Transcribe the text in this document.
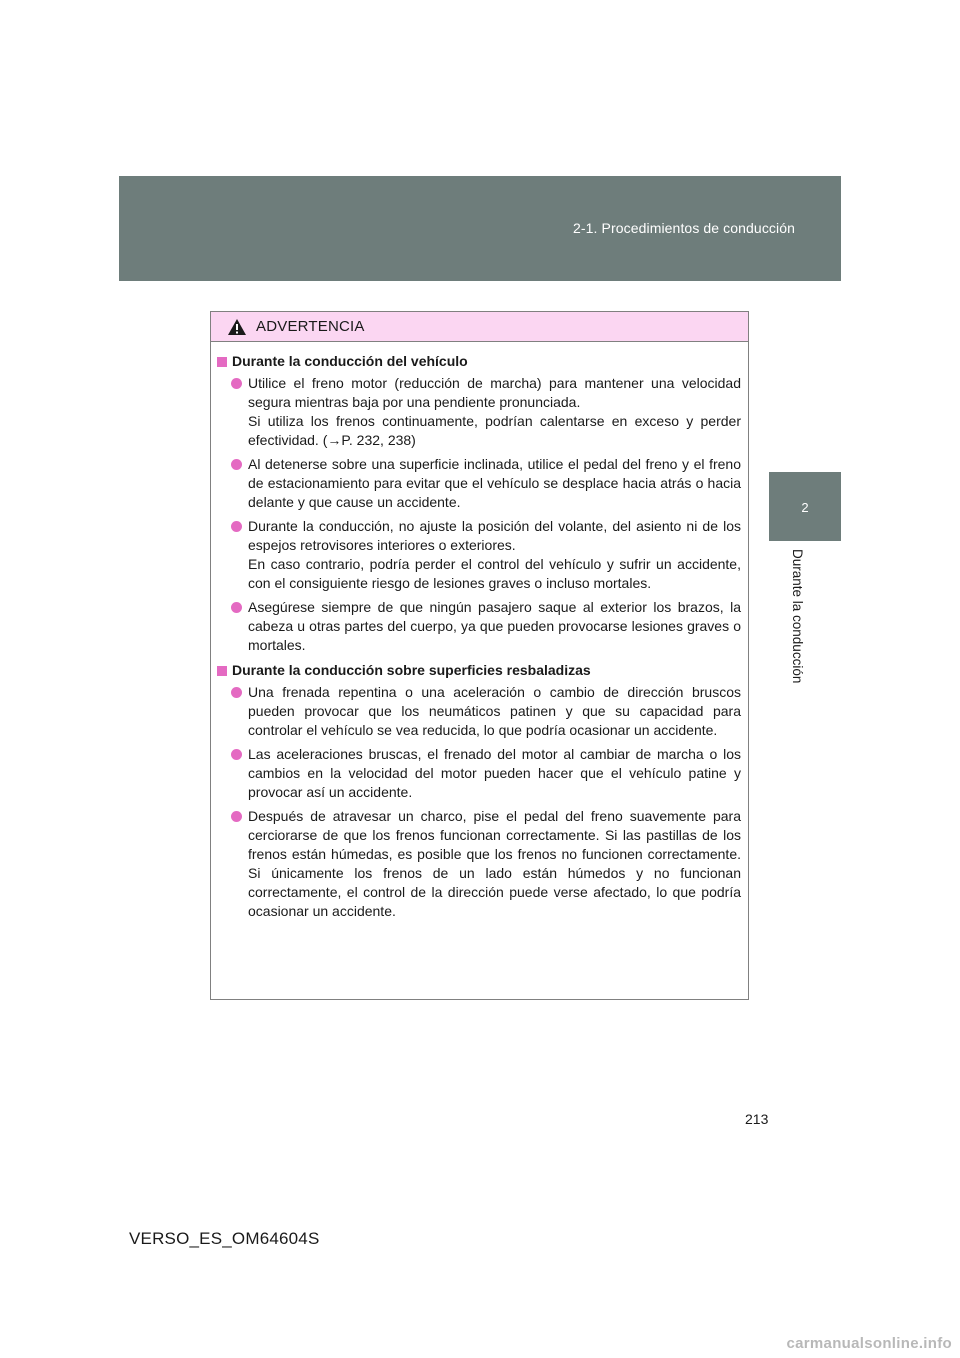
2-1. Procedimientos de conducción
2
Durante la conducción
ADVERTENCIA
Durante la conducción del vehículo

Utilice el freno motor (reducción de marcha) para mantener una velocidad segura mientras baja por una pendiente pronunciada.

Si utiliza los frenos continuamente, podrían calentarse en exceso y perder efectividad. (→P. 232, 238)

Al detenerse sobre una superficie inclinada, utilice el pedal del freno y el freno de estacionamiento para evitar que el vehículo se desplace hacia atrás o hacia delante y que cause un accidente.

Durante la conducción, no ajuste la posición del volante, del asiento ni de los espejos retrovisores interiores o exteriores.

En caso contrario, podría perder el control del vehículo y sufrir un accidente, con el consiguiente riesgo de lesiones graves o incluso mortales.

Asegúrese siempre de que ningún pasajero saque al exterior los brazos, la cabeza u otras partes del cuerpo, ya que pueden provocarse lesiones graves o mortales.

Durante la conducción sobre superficies resbaladizas

Una frenada repentina o una aceleración o cambio de dirección bruscos pueden provocar que los neumáticos patinen y que su capacidad para controlar el vehículo se vea reducida, lo que podría ocasionar un accidente.

Las aceleraciones bruscas, el frenado del motor al cambiar de marcha o los cambios en la velocidad del motor pueden hacer que el vehículo patine y provocar así un accidente.

Después de atravesar un charco, pise el pedal del freno suavemente para cerciorarse de que los frenos funcionan correctamente. Si las pastillas de los frenos están húmedas, es posible que los frenos no funcionen correctamente. Si únicamente los frenos de un lado están húmedos y no funcionan correctamente, el control de la dirección puede verse afectado, lo que podría ocasionar un accidente.

213
VERSO_ES_OM64604S
carmanualsonline.info
